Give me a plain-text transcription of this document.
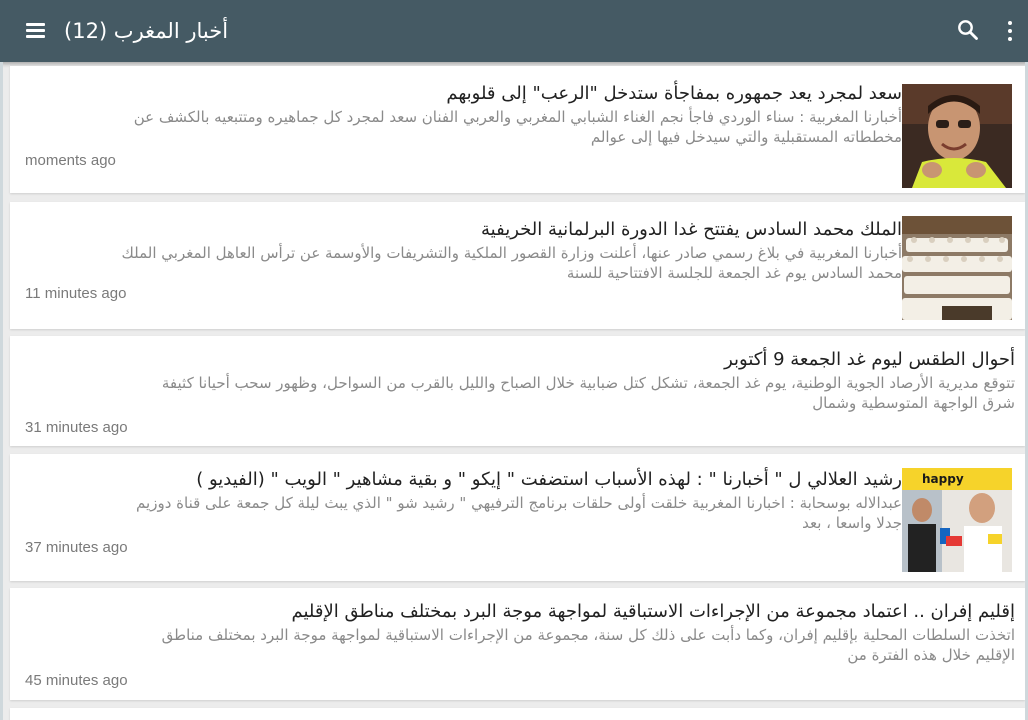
أخبار المغرب (12)
سعد لمجرد يعد جمهوره بمفاجأة ستدخل "الرعب" إلى قلوبهم
أخبارنا المغربية : سناء الوردي فاجأ نجم الغناء الشبابي المغربي والعربي الفنان سعد لمجرد كل جماهيره ومتتبعيه بالكشف عن
مخططاته المستقبلية والتي سيدخل فيها إلى عوالم
moments ago
الملك محمد السادس يفتتح غدا الدورة البرلمانية الخريفية
أخبارنا المغربية في بلاغ رسمي صادر عنها، أعلنت وزارة القصور الملكية والتشريفات والأوسمة عن ترأس العاهل المغربي الملك
محمد السادس يوم غد الجمعة للجلسة الافتتاحية للسنة
11 minutes ago
أحوال الطقس ليوم غد الجمعة 9 أكتوبر
تتوقع مديرية الأرصاد الجوية الوطنية، يوم غد الجمعة، تشكل كتل ضبابية خلال الصباح والليل بالقرب من السواحل، وظهور سحب أحيانا كثيفة
شرق الواجهة المتوسطية وشمال
31 minutes ago
happy
رشيد العلالي ل " أخبارنا " : لهذه الأسباب استضفت " إيكو " و بقية مشاهير " الويب " (الفيديو )
عبدالاله بوسحابة : اخبارنا المغربية خلقت أولى حلقات برنامج الترفيهي " رشيد شو " الذي يبث ليلة كل جمعة على قناة دوزيم
جدلا واسعا ، بعد
37 minutes ago
إقليم إفران .. اعتماد مجموعة من الإجراءات الاستباقية لمواجهة موجة البرد بمختلف مناطق الإقليم
اتخذت السلطات المحلية بإقليم إفران، وكما دأبت على ذلك كل سنة، مجموعة من الإجراءات الاستباقية لمواجهة موجة البرد بمختلف مناطق
الإقليم خلال هذه الفترة من
45 minutes ago
